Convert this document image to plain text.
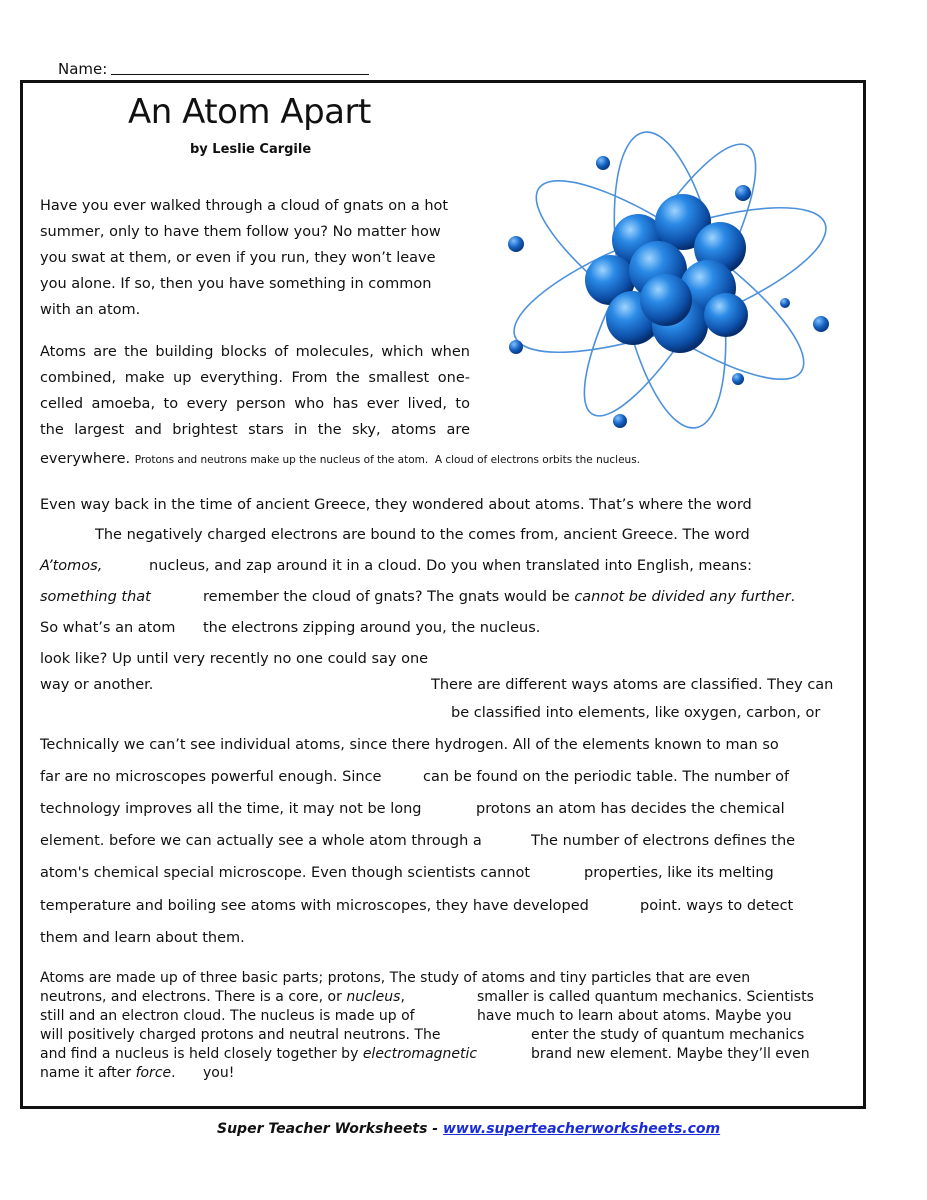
Name:
An Atom Apart
by Leslie Cargile
Have you ever walked through a cloud of gnats on a hot
summer, only to have them follow you? No matter how
you swat at them, or even if you run, they won’t leave
you alone. If so, then you have something in common
with an atom.
Atoms are the building blocks of molecules, which when
combined, make up everything. From the smallest one-
celled amoeba, to every person who has ever lived, to
the largest and brightest stars in the sky, atoms are
everywhere. Protons and neutrons make up the nucleus of the atom. A cloud of electrons orbits the nucleus.
Even way back in the time of ancient Greece, they wondered about atoms. That’s where the word
The negatively charged electrons are bound to the comes from, ancient Greece. The word
A’tomos,	nucleus, and zap around it in a cloud. Do you when translated into English, means:
something that	remember the cloud of gnats? The gnats would be cannot be divided any further.
So what’s an atom the electrons zipping around you, the nucleus.
look like? Up until very recently no one could say one
way or another.	There are different ways atoms are classified. They can
be classified into elements, like oxygen, carbon, or
Technically we can’t see individual atoms, since there hydrogen. All of the elements known to man so
far are no microscopes powerful enough. Since	can be found on the periodic table. The number of
technology improves all the time, it may not be long	protons an atom has decides the chemical
element. before we can actually see a whole atom through a	The number of electrons defines the
atom's chemical special microscope. Even though scientists cannot	properties, like its melting
temperature and boiling see atoms with microscopes, they have developed	point. ways to detect
them and learn about them.
Atoms are made up of three basic parts; protons, The study of atoms and tiny particles that are even
neutrons, and electrons. There is a core, or nucleus,	smaller is called quantum mechanics. Scientists
still and an electron cloud. The nucleus is made up of	have much to learn about atoms. Maybe you
will positively charged protons and neutral neutrons. The	enter the study of quantum mechanics
and find a nucleus is held closely together by electromagnetic	brand new element. Maybe they’ll even
name it after force. you!
Super Teacher Worksheets - www.superteacherworksheets.com
